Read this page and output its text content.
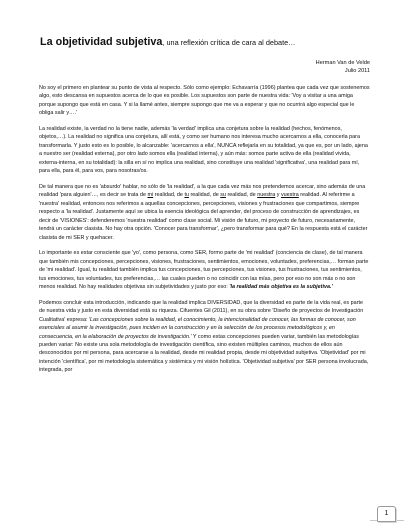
La objetividad subjetiva, una reflexión crítica de cara al debate…
Herman Van de Velde
Julio 2011

No soy el primero en plantear su punto de vista al respecto. Sólo como ejemplo: Echavarría (1996) plantea que cada vez que sostenemos algo, esto descansa en supuestos acerca de lo que es posible. Los supuestos son parte de nuestra vida: 'Voy a visitar a una amiga porque supongo que está en casa. Y si la llamé antes, siempre supongo que me va a esperar y que no ocurrirá algo especial que le obliga salir y….'

La realidad existe, la verdad no la tiene nadie, además 'la verdad' implica una conjetura sobre la realidad (hechos, fenómenos, objetos,…). La realidad no significa una conjetura, allí está, y como ser humano nos interesa mucho acercarnos a ella, conocerla para transformarla. Y justo esto es lo posible, lo alcanzable: 'acercarnos a ella', NUNCA reflejarla en su totalidad, ya que es, por un lado, ajena a nuestro ser (realidad externa), por otro lado somos ella (realidad interna), y aún más: somos parte activa de ella (realidad vivida, externa-interna, en su totalidad): la silla en sí no implica una realidad, sino constituye una realidad 'significativa', una realidad para mí, para ella, para él, para vos, para nosotras/os.

De tal manera que no es 'absurdo' hablar, no sólo de 'la realidad', a la que cada vez más nos pretendemos acercar, sino además de una realidad 'para alguien'…, es decir se trata de mi realidad, de tu realidad, de su realidad, de nuestra y vuestra realidad. Al referirme a 'nuestra' realidad, entonces nos referimos a aquellas concepciones, percepciones, visiones y frustraciones que compartimos, siempre respecto a 'la realidad'. Justamente aquí se ubica la esencia ideológica del aprender, del proceso de construcción de aprendizajes, es decir de 'VISIONES': defenderemos 'nuestra realidad' como clase social. Mi visión de futuro, mi proyecto de futuro, necesariamente, tendrá un carácter clasista. No hay otra opción. 'Conocer para transformar', ¿pero transformar para qué? En la respuesta está el carácter clasista de mi SER y quehacer.

Lo importante es estar consciente que 'yo', como persona, como SER, formo parte de 'mi realidad' (conciencia de clase), de tal manera que también mis concepciones, percepciones, visiones, frustraciones, sentimientos, emociones, voluntades, preferencias,… forman parte de 'mi realidad'. Igual, tu realidad también implica tus concepciones, tus percepciones, tus visiones, tus frustraciones, tus sentimientos, tus emociones, tus voluntades, tus preferencias,… las cuales pueden o no coincidir con las mías, pero por eso no son más o no son menos realidad. No hay realidades objetivas sin subjetividades y justo por eso: 'la realidad más objetiva es la subjetiva.'

Podemos concluir esta introducción, indicando que la realidad implica DIVERSIDAD, que la diversidad es parte de la vida real, es parte de nuestra vida y justo en esta diversidad está su riqueza. Cifuentes Gil (2011), en su obra sobre 'Diseño de proyectos de Investigación Cualitativa' expresa: 'Las concepciones sobre la realidad, el conocimiento, la intencionalidad de conocer, las formas de conocer, son esenciales al asumir la investigación, pues inciden en la construcción y en la selección de los procesos metodológicos y, en consecuencia, en la elaboración de proyectos de investigación.' Y como estas concepciones pueden variar, también las metodologías pueden variar: No existe una sola metodología de investigación científica, sino existen múltiples caminos, muchos de ellos aún desconocidos por mi persona, para acercarse a la realidad, desde mi realidad propia, desde mi objetividad subjetiva. 'Objetividad' por mi intención 'científica', por mi metodología sistemática y sistémica y mi visión holística. 'Objetividad subjetiva' por SER persona involucrada, integrada, por

1
